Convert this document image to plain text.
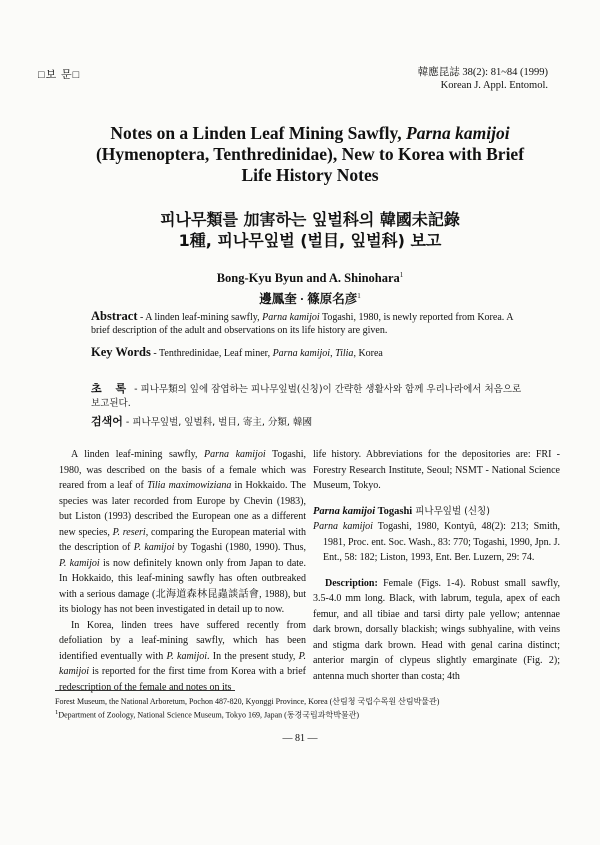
□보 문□	韓應昆誌 38(2): 81~84 (1999)
Korean J. Appl. Entomol.
Notes on a Linden Leaf Mining Sawfly, Parna kamijoi
(Hymenoptera, Tenthredinidae), New to Korea with Brief
Life History Notes
피나무類를 加害하는 잎벌科의 韓國未記錄
1種, 피나무잎벌 (벌目, 잎벌科) 보고
Bong-Kyu Byun and A. Shinohara$^1$
邊鳳奎 · 篠原名彦$^1$
Abstract - A linden leaf-mining sawfly, Parna kamijoi Togashi, 1980, is newly reported from Korea. A brief description of the adult and observations on its life history are given.
Key Words - Tenthredinidae, Leaf miner, Parna kamijoi, Tilia, Korea
초 록 - 피나무類의 잎에 잠엽하는 피나무잎벌(신칭)이 간략한 생활사와 함께 우리나라에서 처음으로 보고된다.
검색어 - 피나무잎벌, 잎벌科, 벌目, 寄主, 分類, 韓國

A linden leaf-mining sawfly, Parna kamijoi Togashi, 1980, was described on the basis of a female which was reared from a leaf of Tilia maximowiziana in Hokkaido. The species was later recorded from Europe by Chevin (1983), but Liston (1993) described the European one as a different new species, P. reseri, comparing the European material with the description of P. kamijoi by Togashi (1980, 1990). Thus, P. kamijoi is now definitely known only from Japan to date. In Hokkaido, this leaf-mining sawfly has often outbreaked with a serious damage (北海道森林昆蟲談話會, 1988), but its biology has not been investigated in detail up to now.

In Korea, linden trees have suffered recently from defoliation by a leaf-mining sawfly, which has been identified eventually with P. kamijoi. In the present study, P. kamijoi is reported for the first time from Korea with a brief redescription of the female and notes on its

life history. Abbreviations for the depositories are: FRI - Forestry Research Institute, Seoul; NSMT - National Science Museum, Tokyo.

Parna kamijoi Togashi 피나무잎벌 (신칭)

Parna kamijoi Togashi, 1980, Kontyû, 48(2): 213; Smith, 1981, Proc. ent. Soc. Wash., 83: 770; Togashi, 1990, Jpn. J. Ent., 58: 182; Liston, 1993, Ent. Ber. Luzern, 29: 74.

Description: Female (Figs. 1-4). Robust small sawfly, 3.5-4.0 mm long. Black, with labrum, tegula, apex of each femur, and all tibiae and tarsi dirty pale yellow; antennae dark brown, dorsally blackish; wings subhyaline, with veins and stigma dark brown. Head with genal carina distinct; anterior margin of clypeus slightly emarginate (Fig. 2); antenna much shorter than costa; 4th

Forest Museum, the National Arboretum, Pochon 487-820, Kyonggi Province, Korea (산림청 국립수목원 산림박물관)
$^1$Department of Zoology, National Science Museum, Tokyo 169, Japan (동경국립과학박물관)
— 81 —
